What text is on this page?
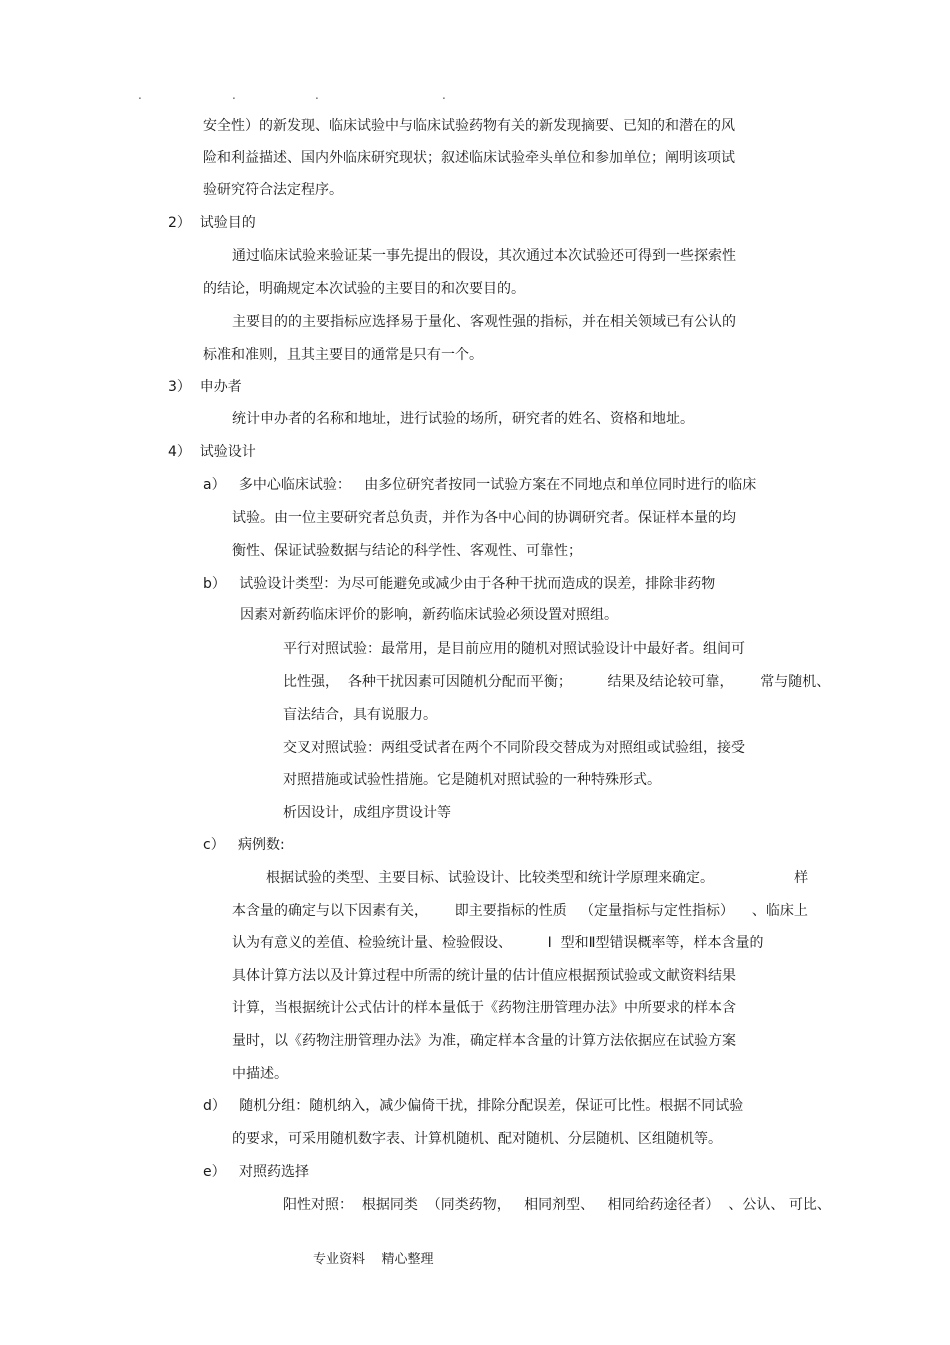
.	.	.	.
安全性）的新发现、临床试验中与临床试验药物有关的新发现摘要、已知的和潜在的风
险和利益描述、国内外临床研究现状；叙述临床试验牵头单位和参加单位；阐明该项试
验研究符合法定程序。
2）  试验目的
通过临床试验来验证某一事先提出的假设，其次通过本次试验还可得到一些探索性
的结论，明确规定本次试验的主要目的和次要目的。
主要目的的主要指标应选择易于量化、客观性强的指标，并在相关领域已有公认的
标准和准则，且其主要目的通常是只有一个。
3）  申办者
统计申办者的名称和地址，进行试验的场所，研究者的姓名、资格和地址。
4）  试验设计
a）   多中心临床试验：   由多位研究者按同一试验方案在不同地点和单位同时进行的临床
试验。由一位主要研究者总负责，并作为各中心间的协调研究者。保证样本量的均
衡性、保证试验数据与结论的科学性、客观性、可靠性；
b）   试验设计类型：为尽可能避免或减少由于各种干扰而造成的误差，排除非药物
因素对新药临床评价的影响，新药临床试验必须设置对照组。
平行对照试验：最常用，是目前应用的随机对照试验设计中最好者。组间可
比性强，  各种干扰因素可因随机分配而平衡；        结果及结论较可靠，      常与随机、
盲法结合，具有说服力。
交叉对照试验：两组受试者在两个不同阶段交替成为对照组或试验组，接受
对照措施或试验性措施。它是随机对照试验的一种特殊形式。
析因设计，成组序贯设计等
c）   病例数:
根据试验的类型、主要目标、试验设计、比较类型和统计学原理来确定。                  样
本含量的确定与以下因素有关，      即主要指标的性质   （定量指标与定性指标）    、临床上
认为有意义的差值、检验统计量、检验假设、        Ⅰ  型和Ⅱ型错误概率等，样本含量的
具体计算方法以及计算过程中所需的统计量的估计值应根据预试验或文献资料结果
计算，当根据统计公式估计的样本量低于《药物注册管理办法》中所要求的样本含
量时，以《药物注册管理办法》为准，确定样本含量的计算方法依据应在试验方案
中描述。
d）   随机分组：随机纳入，减少偏倚干扰，排除分配误差，保证可比性。根据不同试验
的要求，可采用随机数字表、计算机随机、配对随机、分层随机、区组随机等。
e）   对照药选择
阳性对照：  根据同类  （同类药物，   相同剂型、   相同给药途径者）  、公认、 可比、
专业资料    精心整理
